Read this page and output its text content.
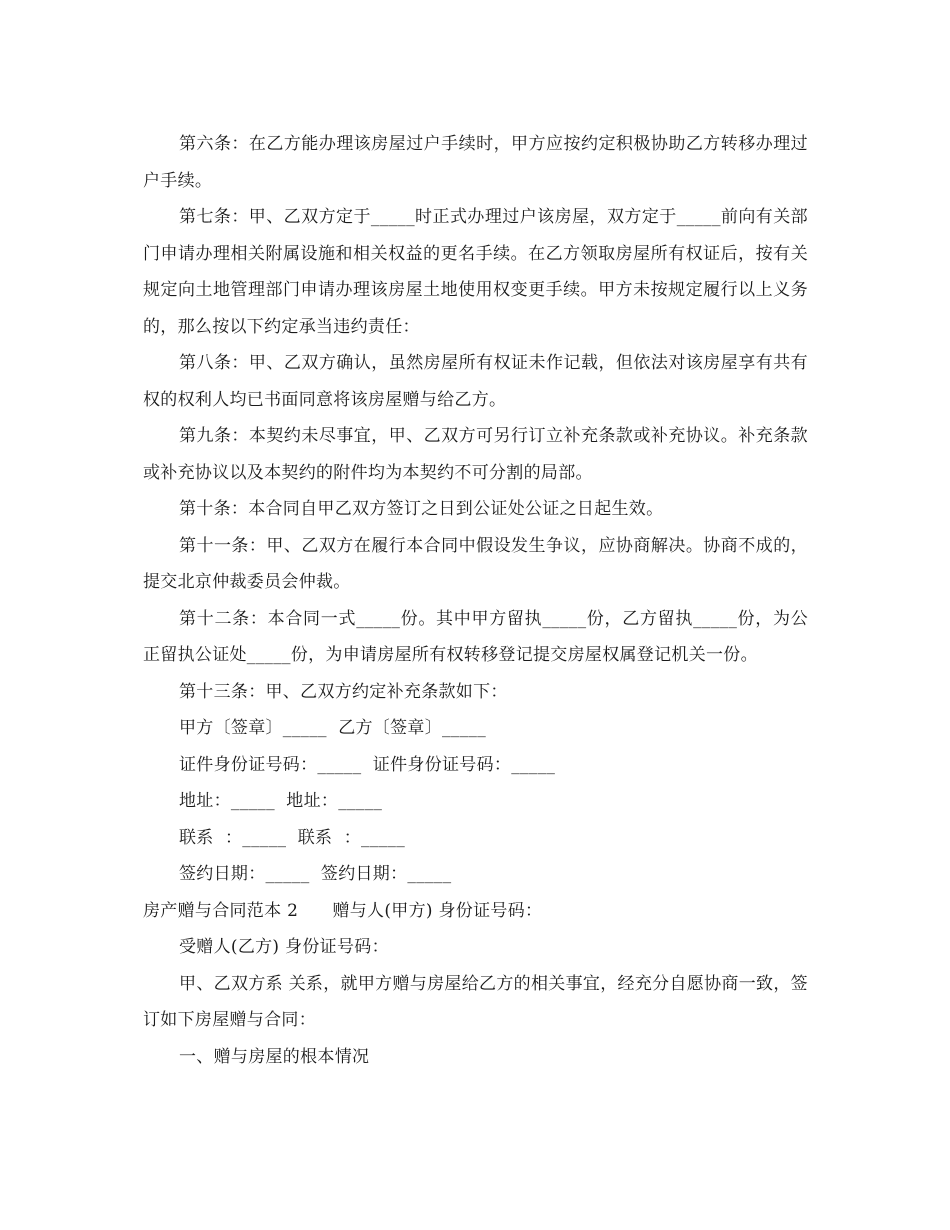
第六条：在乙方能办理该房屋过户手续时，甲方应按约定积极协助乙方转移办理过户手续。

第七条：甲、乙双方定于_____时正式办理过户该房屋，双方定于_____前向有关部门申请办理相关附属设施和相关权益的更名手续。在乙方领取房屋所有权证后，按有关规定向土地管理部门申请办理该房屋土地使用权变更手续。甲方未按规定履行以上义务的，那么按以下约定承当违约责任：

第八条：甲、乙双方确认，虽然房屋所有权证未作记载，但依法对该房屋享有共有权的权利人均已书面同意将该房屋赠与给乙方。

第九条：本契约未尽事宜，甲、乙双方可另行订立补充条款或补充协议。补充条款或补充协议以及本契约的附件均为本契约不可分割的局部。

第十条：本合同自甲乙双方签订之日到公证处公证之日起生效。

第十一条：甲、乙双方在履行本合同中假设发生争议，应协商解决。协商不成的，提交北京仲裁委员会仲裁。

第十二条：本合同一式_____份。其中甲方留执_____份，乙方留执_____份，为公正留执公证处_____份，为申请房屋所有权转移登记提交房屋权属登记机关一份。

第十三条：甲、乙双方约定补充条款如下：

甲方〔签章〕_____  乙方〔签章〕_____

证件身份证号码：_____  证件身份证号码：_____

地址：_____  地址：_____

联系  ：_____  联系  ：_____

签约日期：_____  签约日期：_____

房产赠与合同范本 2      赠与人(甲方) 身份证号码：

受赠人(乙方) 身份证号码：

甲、乙双方系 关系，就甲方赠与房屋给乙方的相关事宜，经充分自愿协商一致，签订如下房屋赠与合同：

一、赠与房屋的根本情况
